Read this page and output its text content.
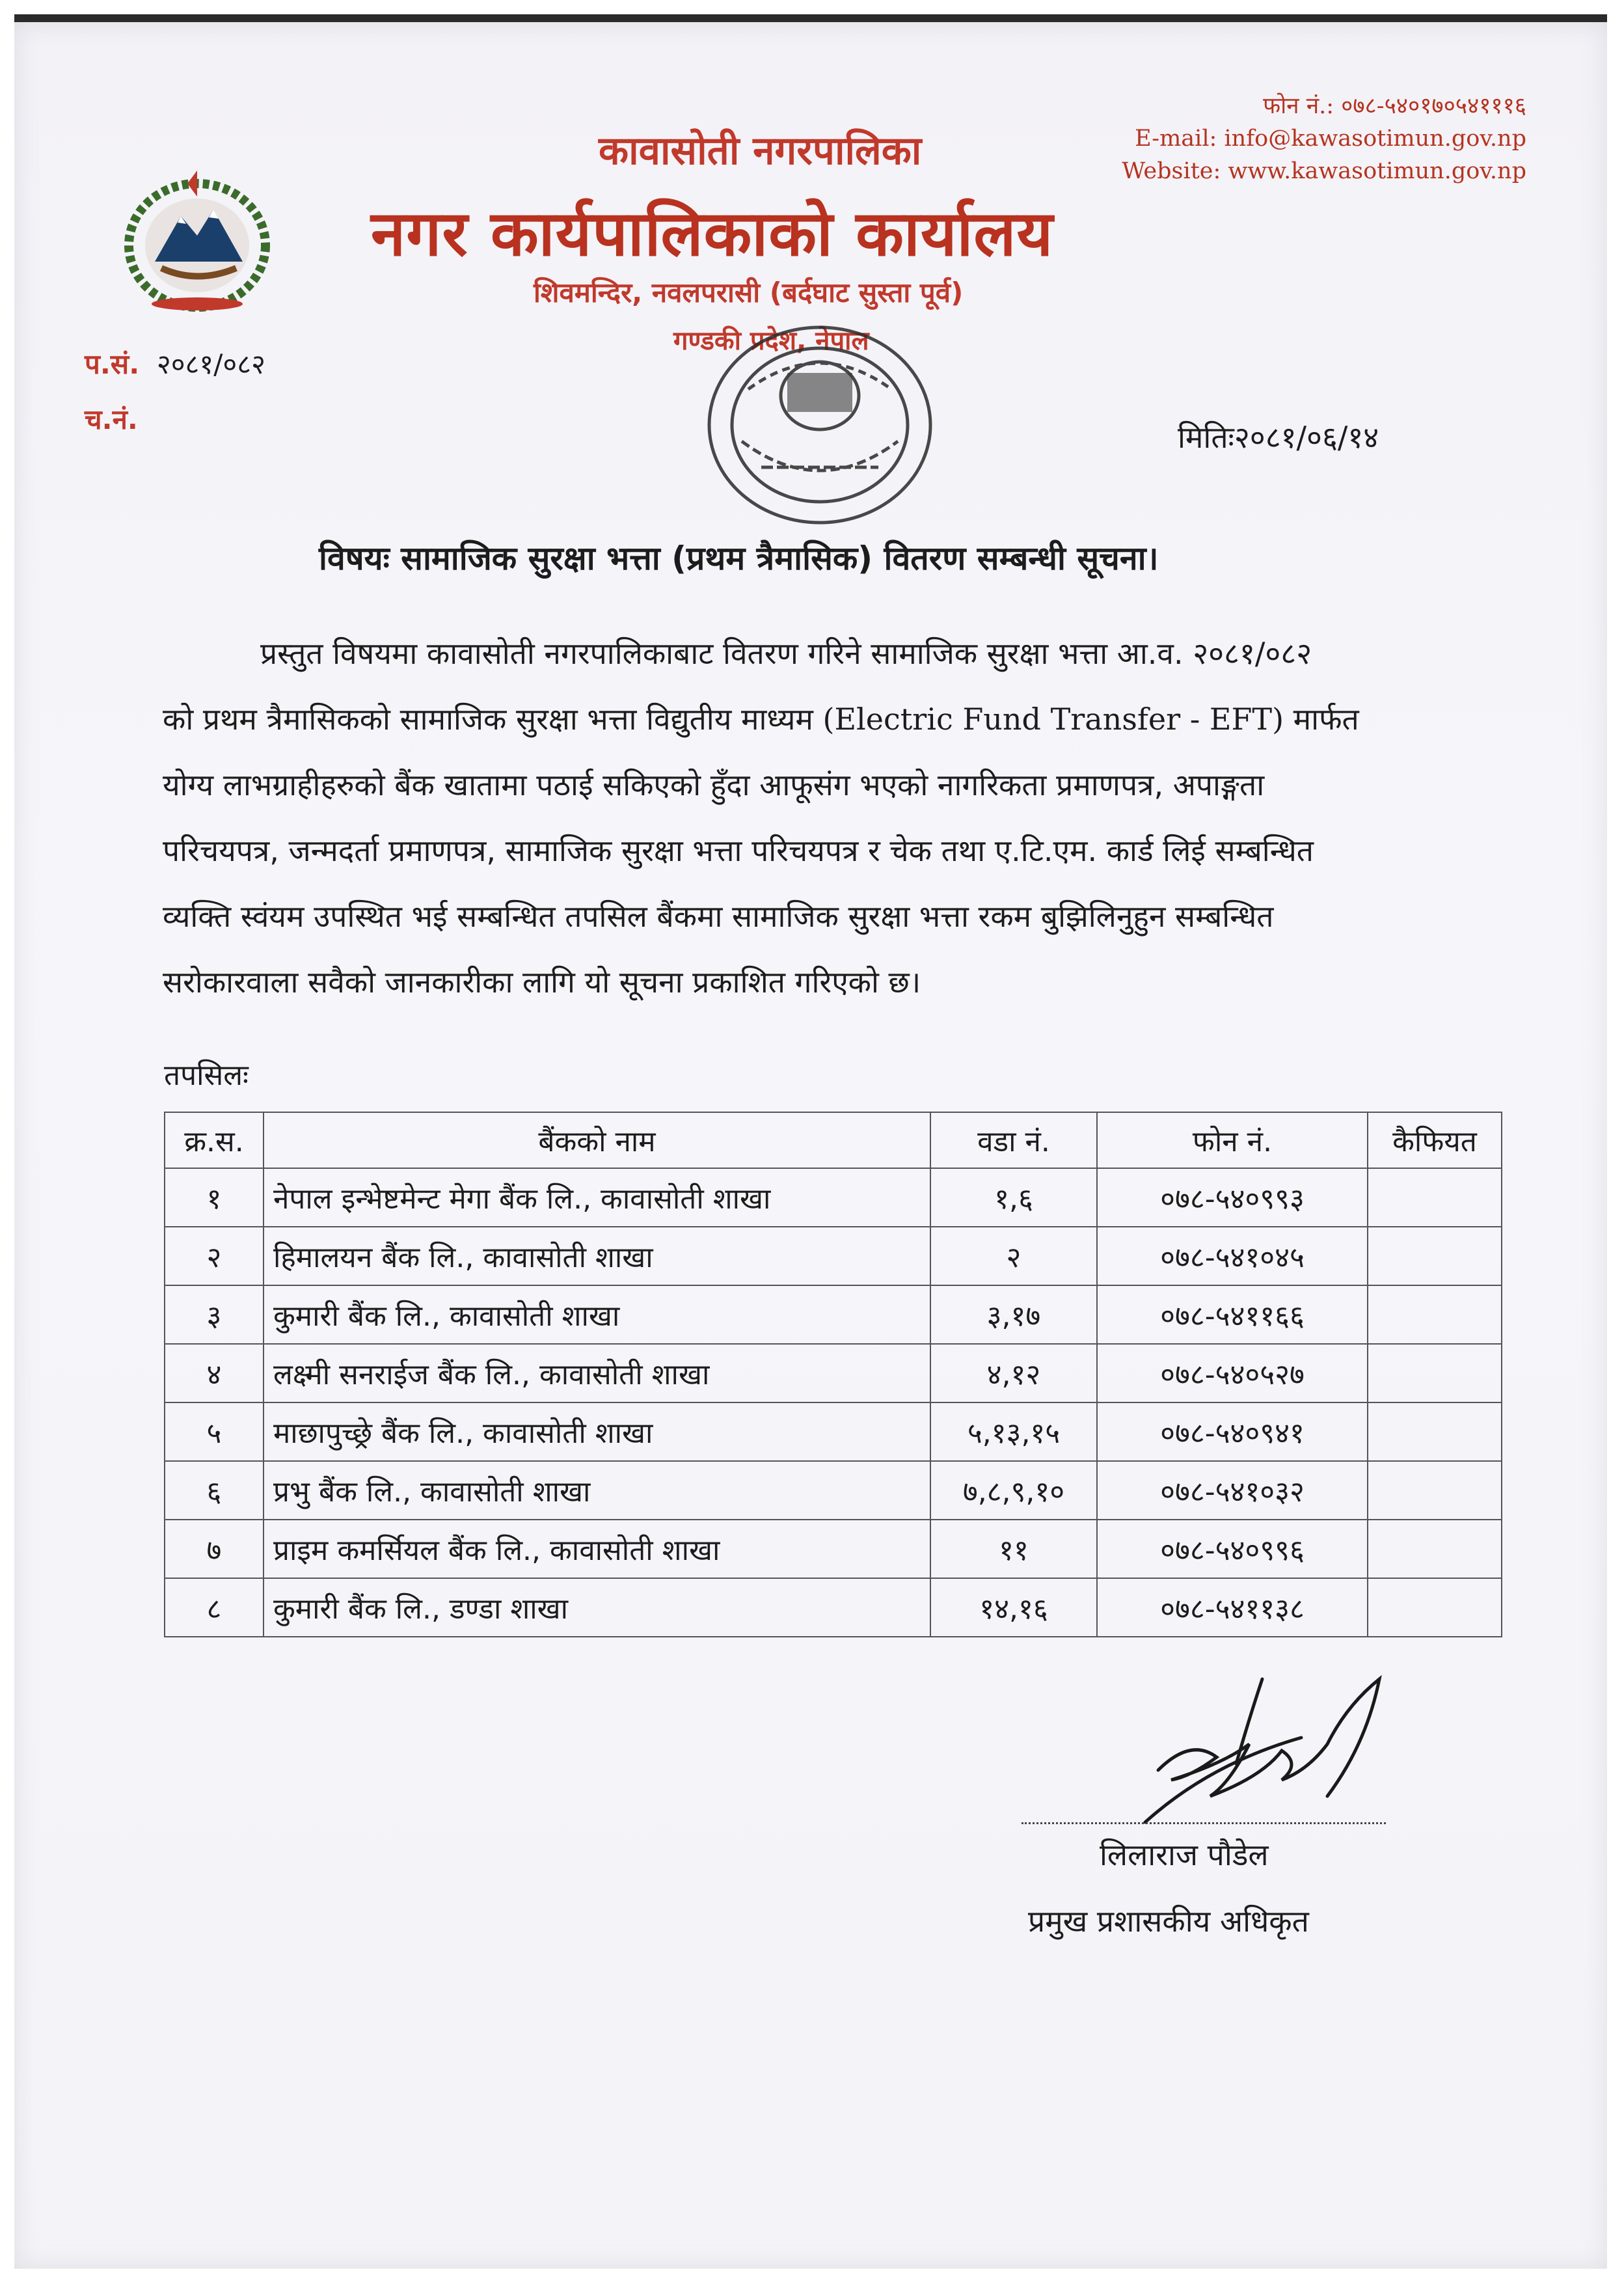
कावासोती नगरपालिका
नगर कार्यपालिकाको कार्यालय
शिवमन्दिर, नवलपरासी (बर्दघाट सुस्ता पूर्व)
गण्डकी प्रदेश, नेपाल
फोन नं.: ०७८-५४०१७०५४१११६
E-mail: info@kawasotimun.gov.np
Website: www.kawasotimun.gov.np
प.सं. २०८१/०८२
च.नं.
मितिः२०८१/०६/१४
विषयः सामाजिक सुरक्षा भत्ता (प्रथम त्रैमासिक) वितरण सम्बन्धी सूचना।

प्रस्तुत विषयमा कावासोती नगरपालिकाबाट वितरण गरिने सामाजिक सुरक्षा भत्ता आ.व. २०८१/०८२

को प्रथम त्रैमासिकको सामाजिक सुरक्षा भत्ता विद्युतीय माध्यम (Electric Fund Transfer - EFT) मार्फत

योग्य लाभग्राहीहरुको बैंक खातामा पठाई सकिएको हुँदा आफूसंग भएको नागरिकता प्रमाणपत्र, अपाङ्गता

परिचयपत्र, जन्मदर्ता प्रमाणपत्र, सामाजिक सुरक्षा भत्ता परिचयपत्र र चेक तथा ए.टि.एम. कार्ड लिई सम्बन्धित

व्यक्ति स्वंयम उपस्थित भई सम्बन्धित तपसिल बैंकमा सामाजिक सुरक्षा भत्ता रकम बुझिलिनुहुन सम्बन्धित

सरोकारवाला सवैको जानकारीका लागि यो सूचना प्रकाशित गरिएको छ।

तपसिलः
क्र.स.	बैंकको नाम	वडा नं.	फोन नं.	कैफियत
१	नेपाल इन्भेष्टमेन्ट मेगा बैंक लि., कावासोती शाखा	१,६	०७८-५४०९९३	
२	हिमालयन बैंक लि., कावासोती शाखा	२	०७८-५४१०४५	
३	कुमारी बैंक लि., कावासोती शाखा	३,१७	०७८-५४११६६	
४	लक्ष्मी सनराईज बैंक लि., कावासोती शाखा	४,१२	०७८-५४०५२७	
५	माछापुच्छ्रे बैंक लि., कावासोती शाखा	५,१३,१५	०७८-५४०९४१	
६	प्रभु बैंक लि., कावासोती शाखा	७,८,९,१०	०७८-५४१०३२	
७	प्राइम कमर्सियल बैंक लि., कावासोती शाखा	११	०७८-५४०९९६	
८	कुमारी बैंक लि., डण्डा शाखा	१४,१६	०७८-५४११३८	
लिलाराज पौडेल
प्रमुख प्रशासकीय अधिकृत
